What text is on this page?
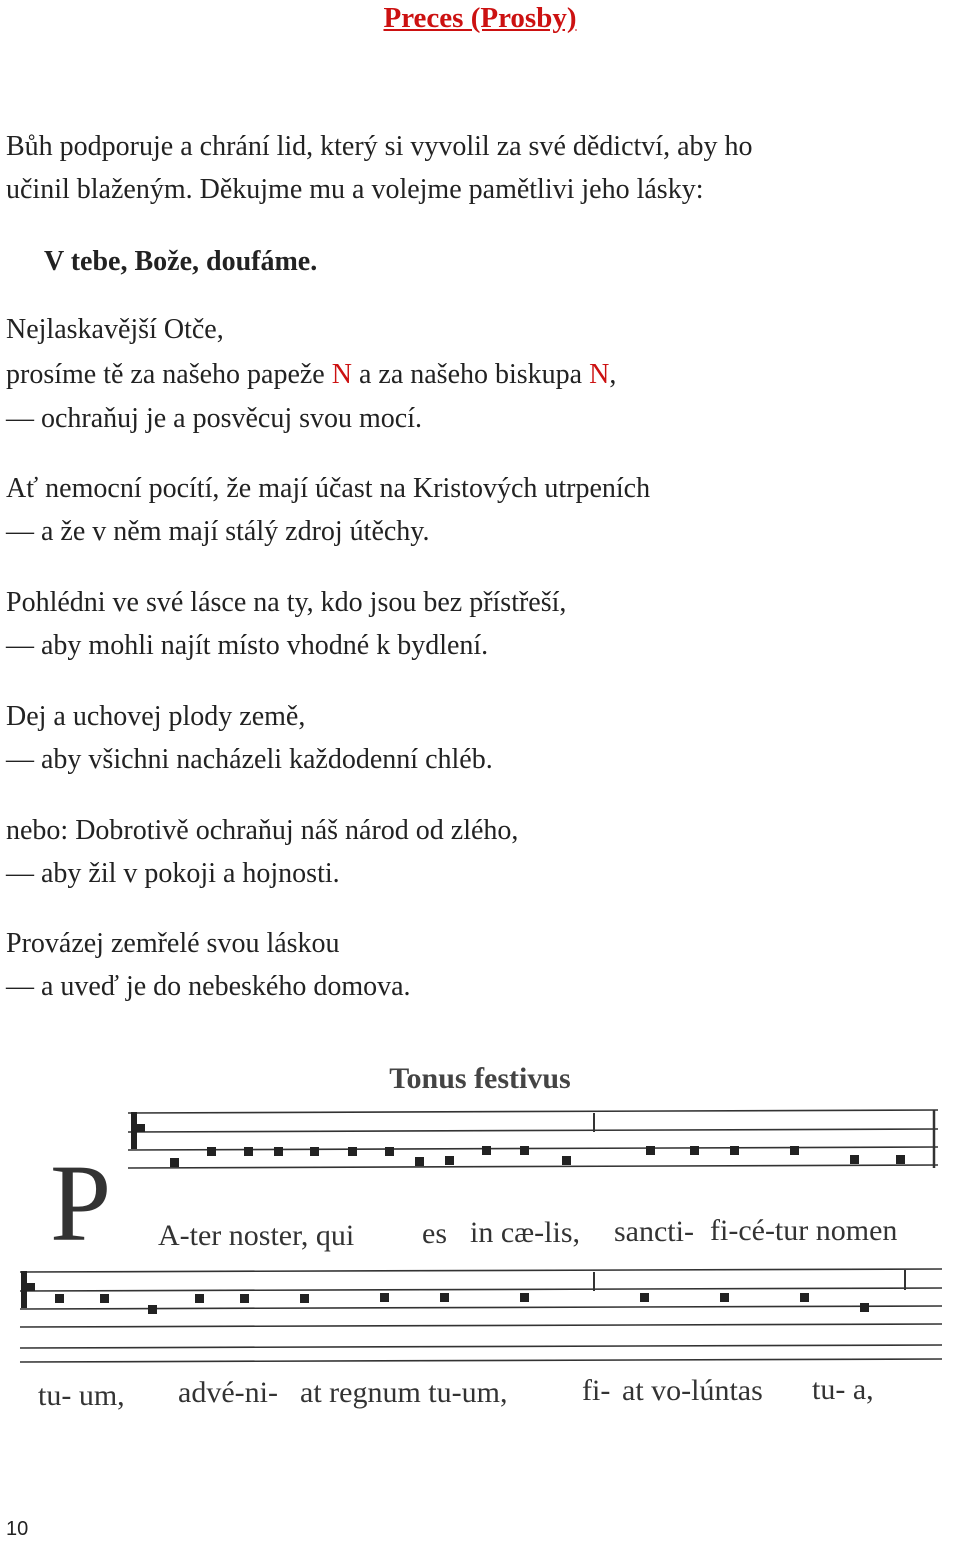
Preces (Prosby)
Bůh podporuje a chrání lid, který si vyvolil za své dědictví, aby ho
učinil blaženým. Děkujme mu a volejme pamětlivi jeho lásky:
V tebe, Bože, doufáme.
Nejlaskavější Otče,
prosíme tě za našeho papeže N a za našeho biskupa N,
— ochraňuj je a posvěcuj svou mocí.
Ať nemocní pocítí, že mají účast na Kristových utrpeních
— a že v něm mají stálý zdroj útěchy.
Pohlédni ve své lásce na ty, kdo jsou bez přístřeší,
— aby mohli najít místo vhodné k bydlení.
Dej a uchovej plody země,
— aby všichni nacházeli každodenní chléb.
nebo: Dobrotivě ochraňuj náš národ od zlého,
— aby žil v pokoji a hojnosti.
Provázej zemřelé svou láskou
— a uveď je do nebeského domova.
Tonus festivus
P A-ter noster, qui es in cæ-lis, sancti- fi-cé-tur nomen
tu- um, advé-ni- at regnum tu-um, fi- at vo-lúntas tu- a,
10
